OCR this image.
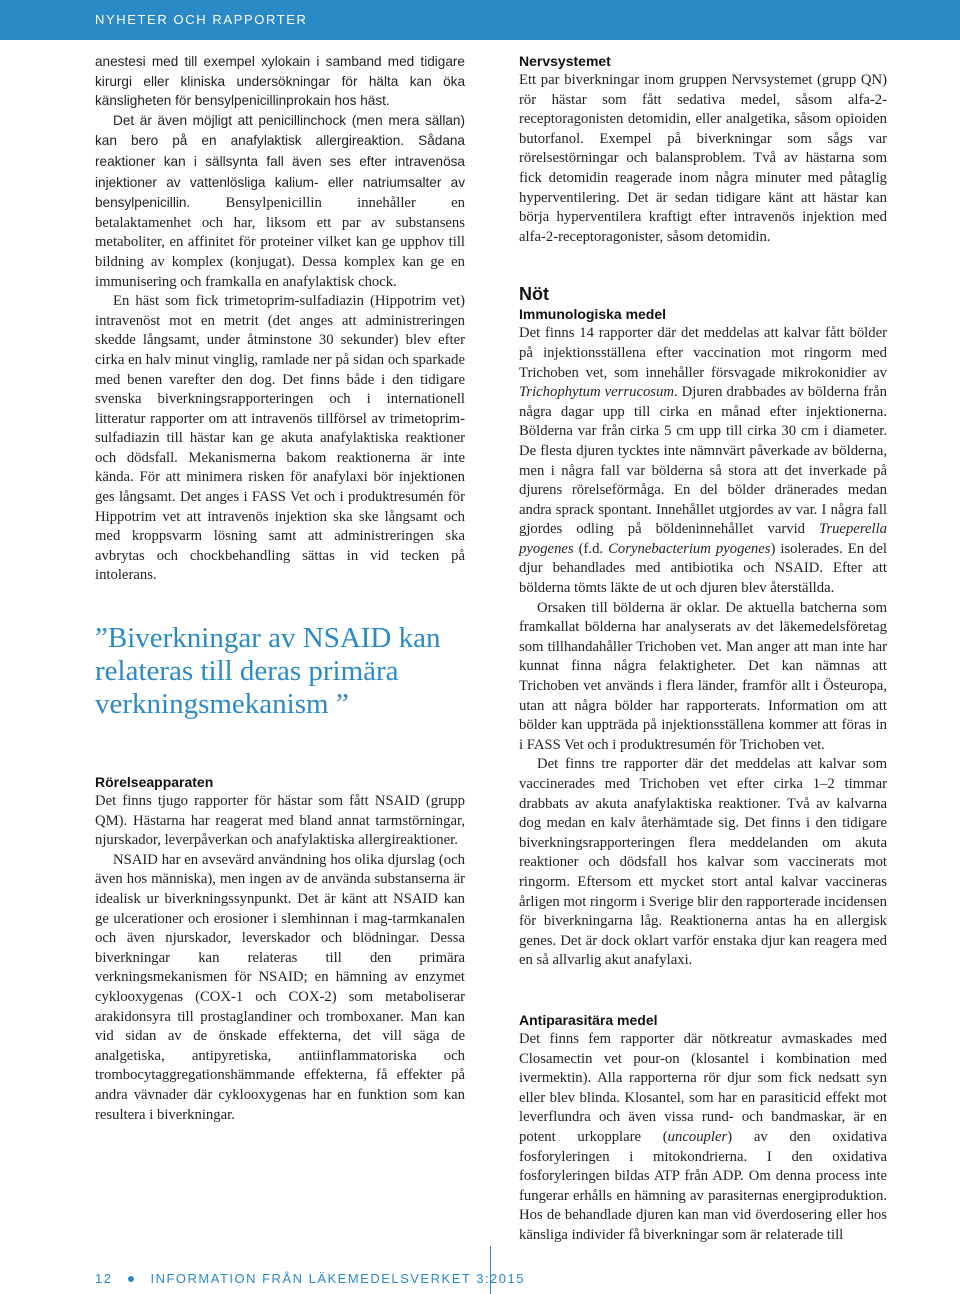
NYHETER OCH RAPPORTER

anestesi med till exempel xylokain i samband med tidigare kirurgi eller kliniska undersökningar för hälta kan öka känsligheten för bensylpenicillinprokain hos häst.

Det är även möjligt att penicillinchock (men mera sällan) kan bero på en anafylaktisk allergireaktion. Sådana reaktioner kan i sällsynta fall även ses efter intravenösa injektioner av vattenlösliga kalium- eller natriumsalter av bensylpenicillin. Bensylpenicillin innehåller en betalaktamenhet och har, liksom ett par av substansens metaboliter, en affinitet för proteiner vilket kan ge upphov till bildning av komplex (konjugat). Dessa komplex kan ge en immunisering och framkalla en anafylaktisk chock.

En häst som fick trimetoprim-sulfadiazin (Hippotrim vet) intravenöst mot en metrit (det anges att administreringen skedde långsamt, under åtminstone 30 sekunder) blev efter cirka en halv minut vinglig, ramlade ner på sidan och sparkade med benen varefter den dog. Det finns både i den tidigare svenska biverkningsrapporteringen och i internationell litteratur rapporter om att intravenös tillförsel av trimetoprim-sulfadiazin till hästar kan ge akuta anafylaktiska reaktioner och dödsfall. Mekanismerna bakom reaktionerna är inte kända. För att minimera risken för anafylaxi bör injektionen ges långsamt. Det anges i FASS Vet och i produktresumén för Hippotrim vet att intravenös injektion ska ske långsamt och med kroppsvarm lösning samt att administreringen ska avbrytas och chockbehandling sättas in vid tecken på intolerans.

”Biverkningar av NSAID kan relateras till deras primära verkningsmekanism ”

Rörelseapparaten

Det finns tjugo rapporter för hästar som fått NSAID (grupp QM). Hästarna har reagerat med bland annat tarmstörningar, njurskador, leverpåverkan och anafylaktiska allergireaktioner.

NSAID har en avsevärd användning hos olika djurslag (och även hos människa), men ingen av de använda substanserna är idealisk ur biverkningssynpunkt. Det är känt att NSAID kan ge ulcerationer och erosioner i slemhinnan i mag-tarmkanalen och även njurskador, leverskador och blödningar. Dessa biverkningar kan relateras till den primära verkningsmekanismen för NSAID; en hämning av enzymet cyklooxygenas (COX-1 och COX-2) som metaboliserar arakidonsyra till prostaglandiner och tromboxaner. Man kan vid sidan av de önskade effekterna, det vill säga de analgetiska, antipyretiska, antiinflammatoriska och trombocytaggregationshämmande effekterna, få effekter på andra vävnader där cyklooxygenas har en funktion som kan resultera i biverkningar.

Nervsystemet

Ett par biverkningar inom gruppen Nervsystemet (grupp QN) rör hästar som fått sedativa medel, såsom alfa-2-receptoragonisten detomidin, eller analgetika, såsom opioiden butorfanol. Exempel på biverkningar som sågs var rörelsestörningar och balansproblem. Två av hästarna som fick detomidin reagerade inom några minuter med påtaglig hyperventilering. Det är sedan tidigare känt att hästar kan börja hyperventilera kraftigt efter intravenös injektion med alfa-2-receptoragonister, såsom detomidin.

Nöt

Immunologiska medel

Det finns 14 rapporter där det meddelas att kalvar fått bölder på injektionsställena efter vaccination mot ringorm med Trichoben vet, som innehåller försvagade mikrokonidier av Trichophytum verrucosum. Djuren drabbades av bölderna från några dagar upp till cirka en månad efter injektionerna. Bölderna var från cirka 5 cm upp till cirka 30 cm i diameter. De flesta djuren tycktes inte nämnvärt påverkade av bölderna, men i några fall var bölderna så stora att det inverkade på djurens rörelseförmåga. En del bölder dränerades medan andra sprack spontant. Innehållet utgjordes av var. I några fall gjordes odling på böldeninnehållet varvid Trueperella pyogenes (f.d. Corynebacterium pyogenes) isolerades. En del djur behandlades med antibiotika och NSAID. Efter att bölderna tömts läkte de ut och djuren blev återställda.

Orsaken till bölderna är oklar. De aktuella batcherna som framkallat bölderna har analyserats av det läkemedelsföretag som tillhandahåller Trichoben vet. Man anger att man inte har kunnat finna några felaktigheter. Det kan nämnas att Trichoben vet används i flera länder, framför allt i Östeuropa, utan att några bölder har rapporterats. Information om att bölder kan uppträda på injektionsställena kommer att föras in i FASS Vet och i produktresumén för Trichoben vet.

Det finns tre rapporter där det meddelas att kalvar som vaccinerades med Trichoben vet efter cirka 1–2 timmar drabbats av akuta anafylaktiska reaktioner. Två av kalvarna dog medan en kalv återhämtade sig. Det finns i den tidigare biverkningsrapporteringen flera meddelanden om akuta reaktioner och dödsfall hos kalvar som vaccinerats mot ringorm. Eftersom ett mycket stort antal kalvar vaccineras årligen mot ringorm i Sverige blir den rapporterade incidensen för biverkningarna låg. Reaktionerna antas ha en allergisk genes. Det är dock oklart varför enstaka djur kan reagera med en så allvarlig akut anafylaxi.

Antiparasitära medel

Det finns fem rapporter där nötkreatur avmaskades med Closamectin vet pour-on (klosantel i kombination med ivermektin). Alla rapporterna rör djur som fick nedsatt syn eller blev blinda. Klosantel, som har en parasiticid effekt mot leverflundra och även vissa rund- och bandmaskar, är en potent urkopplare (uncoupler) av den oxidativa fosforyleringen i mitokondrierna. I den oxidativa fosforyleringen bildas ATP från ADP. Om denna process inte fungerar erhålls en hämning av parasiternas energiproduktion. Hos de behandlade djuren kan man vid överdosering eller hos känsliga individer få biverkningar som är relaterade till

12	INFORMATION FRÅN LÄKEMEDELSVERKET 3:2015
